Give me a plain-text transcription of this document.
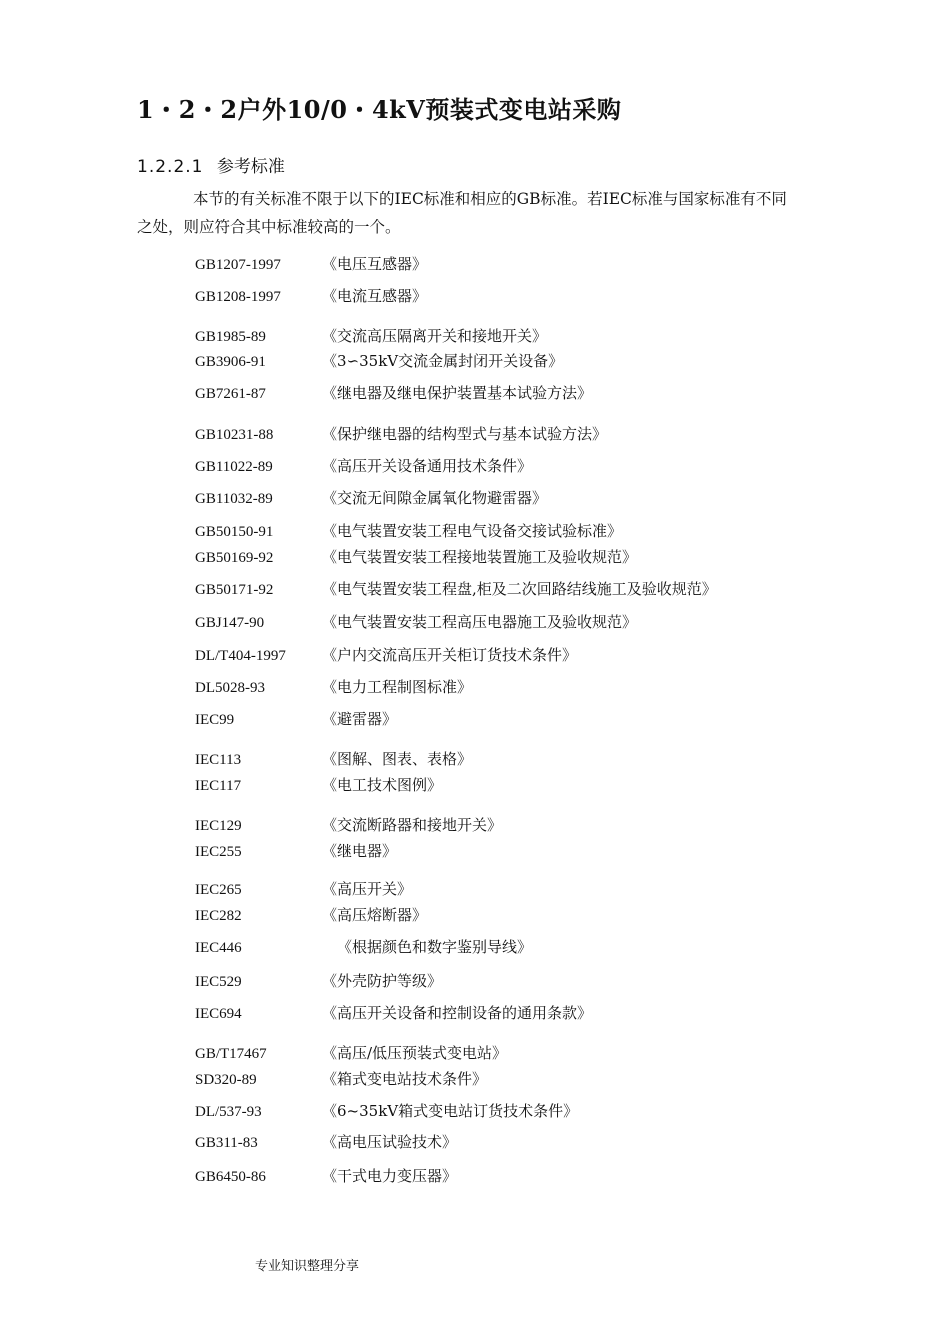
1・2・2户外10/0・4kV预装式变电站采购
1.2.2.1 参考标准
本节的有关标准不限于以下的IEC标准和相应的GB标准。若IEC标准与国家标准有不同之处，则应符合其中标准较高的一个。
GB1207-1997	《电压互感器》
GB1208-1997	《电流互感器》
GB1985-89	《交流高压隔离开关和接地开关》
GB3906-91	《3∽35kV交流金属封闭开关设备》
GB7261-87	《继电器及继电保护装置基本试验方法》
GB10231-88	《保护继电器的结构型式与基本试验方法》
GB11022-89	《高压开关设备通用技术条件》
GB11032-89	《交流无间隙金属氧化物避雷器》
GB50150-91	《电气装置安装工程电气设备交接试验标准》
GB50169-92	《电气装置安装工程接地装置施工及验收规范》
GB50171-92	《电气装置安装工程盘,柜及二次回路结线施工及验收规范》
GBJ147-90	《电气装置安装工程高压电器施工及验收规范》
DL/T404-1997 《户内交流高压开关柜订货技术条件》
DL5028-93	《电力工程制图标准》
IEC99	《避雷器》
IEC113	《图解、图表、表格》
IEC117	《电工技术图例》
IEC129	《交流断路器和接地开关》
IEC255	《继电器》
IEC265	《高压开关》
IEC282	《高压熔断器》
IEC446	《根据颜色和数字鉴别导线》
IEC529	《外壳防护等级》
IEC694	《高压开关设备和控制设备的通用条款》
GB/T17467	《高压/低压预装式变电站》
SD320-89	《箱式变电站技术条件》
DL/537-93	《6~35kV箱式变电站订货技术条件》
GB311-83	《高电压试验技术》
GB6450-86	《干式电力变压器》
专业知识整理分享
